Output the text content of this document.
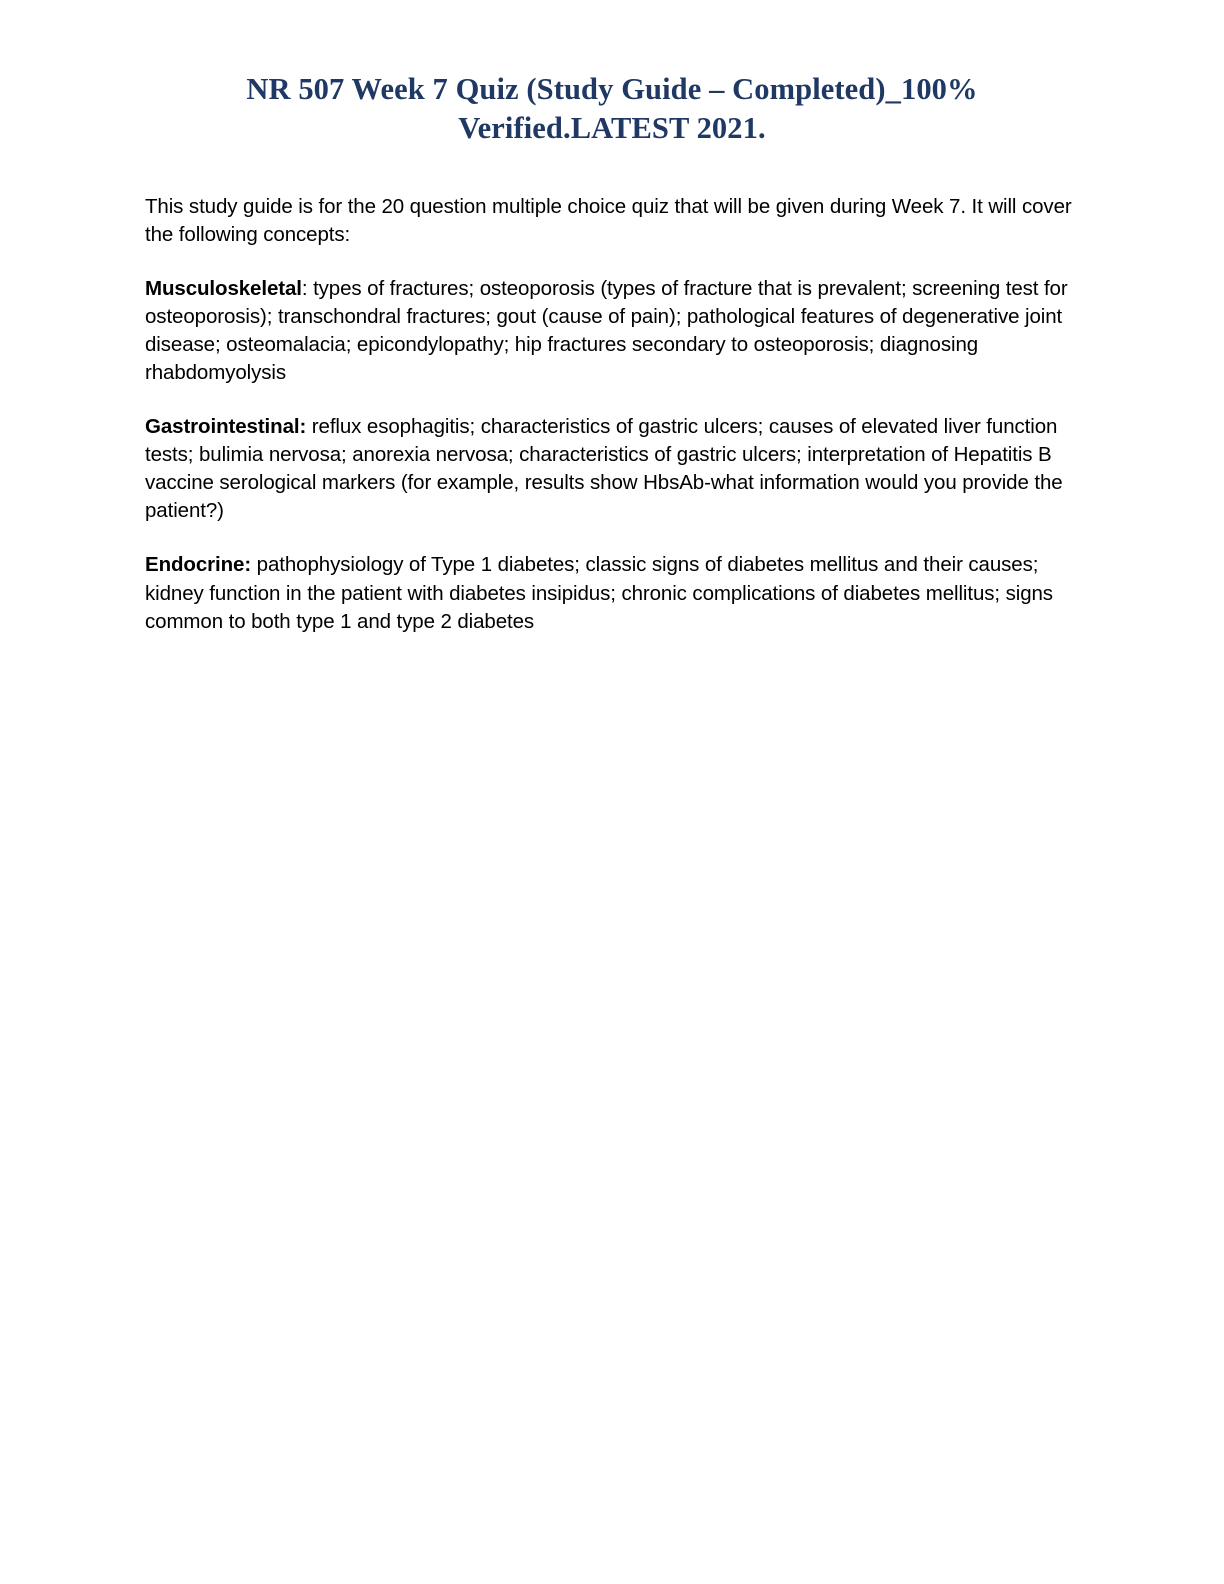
NR 507 Week 7 Quiz (Study Guide – Completed)_100% Verified.LATEST 2021.

This study guide is for the 20 question multiple choice quiz that will be given during Week 7. It will cover the following concepts:

Musculoskeletal: types of fractures; osteoporosis (types of fracture that is prevalent; screening test for osteoporosis); transchondral fractures; gout (cause of pain); pathological features of degenerative joint disease; osteomalacia; epicondylopathy; hip fractures secondary to osteoporosis; diagnosing rhabdomyolysis

Gastrointestinal: reflux esophagitis; characteristics of gastric ulcers; causes of elevated liver function tests; bulimia nervosa; anorexia nervosa; characteristics of gastric ulcers; interpretation of Hepatitis B vaccine serological markers (for example, results show HbsAb-what information would you provide the patient?)

Endocrine: pathophysiology of Type 1 diabetes; classic signs of diabetes mellitus and their causes; kidney function in the patient with diabetes insipidus; chronic complications of diabetes mellitus; signs common to both type 1 and type 2 diabetes
